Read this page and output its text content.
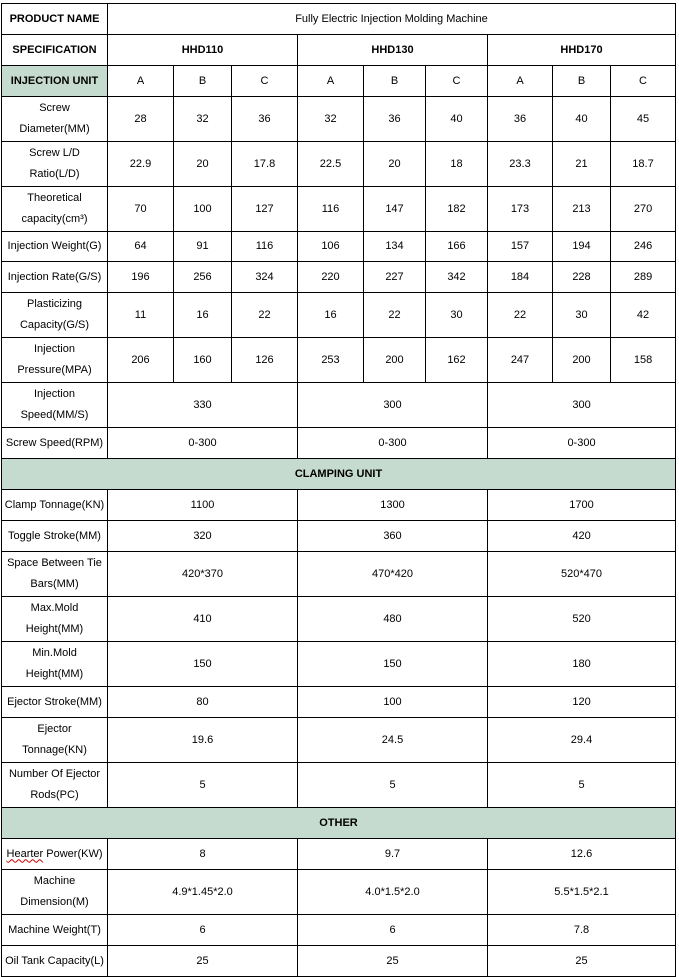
PRODUCT NAME	Fully Electric Injection Molding Machine								
SPECIFICATION	HHD110			HHD130			HHD170		
INJECTION UNIT	A	B	C	A	B	C	A	B	C
Screw Diameter(MM)	28	32	36	32	36	40	36	40	45
Screw L/D Ratio(L/D)	22.9	20	17.8	22.5	20	18	23.3	21	18.7
Theoretical capacity(cm³)	70	100	127	116	147	182	173	213	270
Injection Weight(G)	64	91	116	106	134	166	157	194	246
Injection Rate(G/S)	196	256	324	220	227	342	184	228	289
Plasticizing Capacity(G/S)	11	16	22	16	22	30	22	30	42
Injection Pressure(MPA)	206	160	126	253	200	162	247	200	158
Injection Speed(MM/S)	330			300			300		
Screw Speed(RPM)	0-300			0-300			0-300		
CLAMPING UNIT									
Clamp Tonnage(KN)	1100			1300			1700		
Toggle Stroke(MM)	320			360			420		
Space Between Tie Bars(MM)	420*370			470*420			520*470		
Max.Mold Height(MM)	410			480			520		
Min.Mold Height(MM)	150			150			180		
Ejector Stroke(MM)	80			100			120		
Ejector Tonnage(KN)	19.6			24.5			29.4		
Number Of Ejector Rods(PC)	5			5			5		
OTHER									
Hearter Power(KW)	8			9.7			12.6		
Machine Dimension(M)	4.9*1.45*2.0			4.0*1.5*2.0			5.5*1.5*2.1		
Machine Weight(T)	6			6			7.8		
Oil Tank Capacity(L)	25			25			25		
